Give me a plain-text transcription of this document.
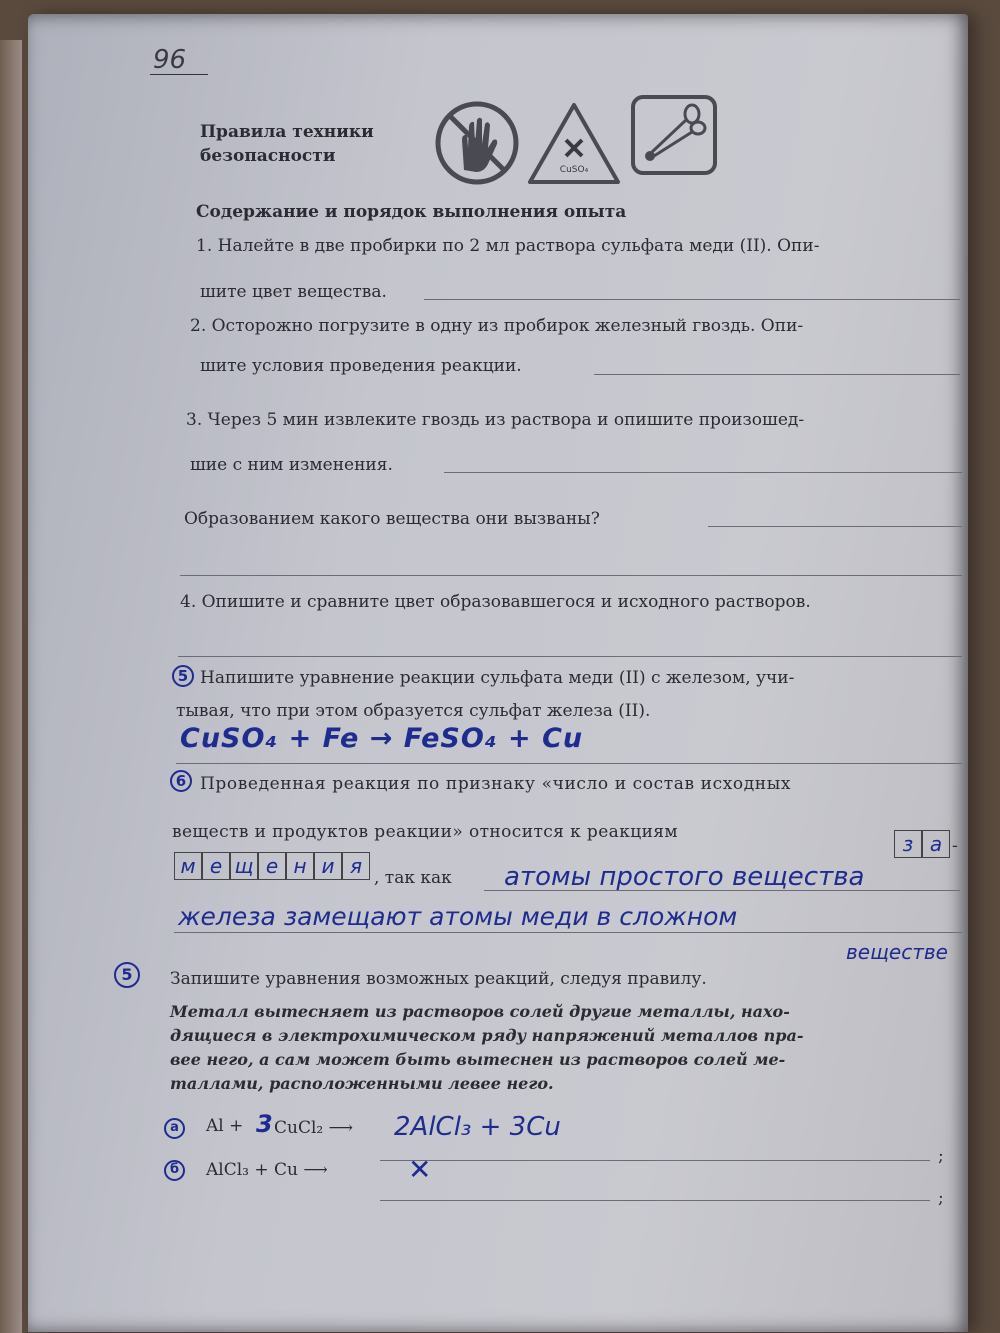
96
Правила техники
безопасности
CuSO₄
Содержание и порядок выполнения опыта
1. Налейте в две пробирки по 2 мл раствора сульфата меди (II). Опи-
шите цвет вещества.
2. Осторожно погрузите в одну из пробирок железный гвоздь. Опи-
шите условия проведения реакции.
3. Через 5 мин извлеките гвоздь из раствора и опишите произошед-
шие с ним изменения.
Образованием какого вещества они вызваны?
4. Опишите и сравните цвет образовавшегося и исходного растворов.
5 Напишите уравнение реакции сульфата меди (II) с железом, учи-
тывая, что при этом образуется сульфат железа (II).
CuSO₄ + Fe → FeSO₄ + Cu
6 Проведенная реакция по признаку «число и состав исходных
веществ и продуктов реакции» относится к реакциям	з а -
м е щ е н и я , так как атомы простого вещества
железа замещают атомы меди в сложном
веществе
5	Запишите уравнения возможных реакций, следуя правилу.
Металл вытесняет из растворов солей другие металлы, нахо-
дящиеся в электрохимическом ряду напряжений металлов пра-
вее него, а сам может быть вытеснен из растворов солей ме-
таллами, расположенными левее него.
а	Al + 3 CuCl₂ ⟶ 2AlCl₃ + 3Cu
;
б	AlCl₃ + Cu ⟶	✕
;
